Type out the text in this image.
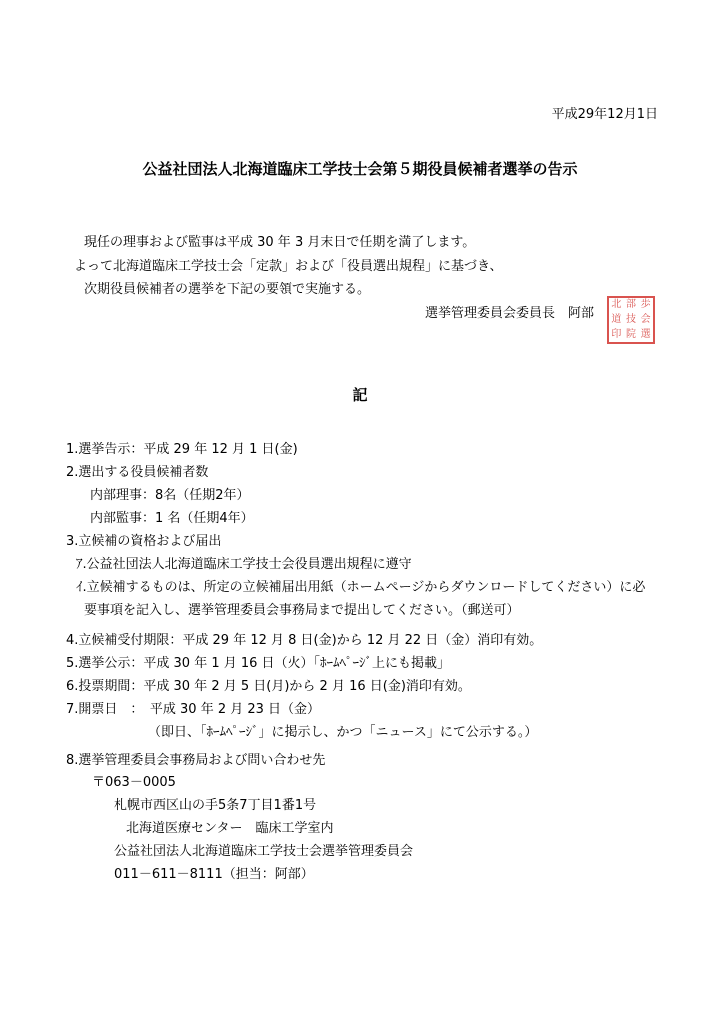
平成29年12月1日
公益社団法人北海道臨床工学技士会第５期役員候補者選挙の告示
現任の理事および監事は平成 30 年 3 月末日で任期を満了します。
よって北海道臨床工学技士会「定款」および「役員選出規程」に基づき、
次期役員候補者の選挙を下記の要領で実施する。
選挙管理委員会委員長　阿部
北 部 歩
道 技 会
印 院 選
記
1.選挙告示：平成 29 年 12 月 1 日(金)
2.選出する役員候補者数
内部理事：8名（任期2年）
内部監事：1 名（任期4年）
3.立候補の資格および届出
ｱ.公益社団法人北海道臨床工学技士会役員選出規程に遵守
ｲ.立候補するものは、所定の立候補届出用紙（ホームページからダウンロードしてください）に必
要事項を記入し、選挙管理委員会事務局まで提出してください。（郵送可）
4.立候補受付期限：平成 29 年 12 月 8 日(金)から 12 月 22 日（金）消印有効。
5.選挙公示：平成 30 年 1 月 16 日（火）「ﾎｰﾑﾍﾟｰｼﾞ上にも掲載」
6.投票期間：平成 30 年 2 月 5 日(月)から 2 月 16 日(金)消印有効。
7.開票日　：　平成 30 年 2 月 23 日（金）
（即日、「ﾎｰﾑﾍﾟｰｼﾞ」に掲示し、かつ「ニュース」にて公示する。）
8.選挙管理委員会事務局および問い合わせ先
〒063－0005
札幌市西区山の手5条7丁目1番1号
北海道医療センター　臨床工学室内
公益社団法人北海道臨床工学技士会選挙管理委員会
011－611－8111（担当：阿部）
